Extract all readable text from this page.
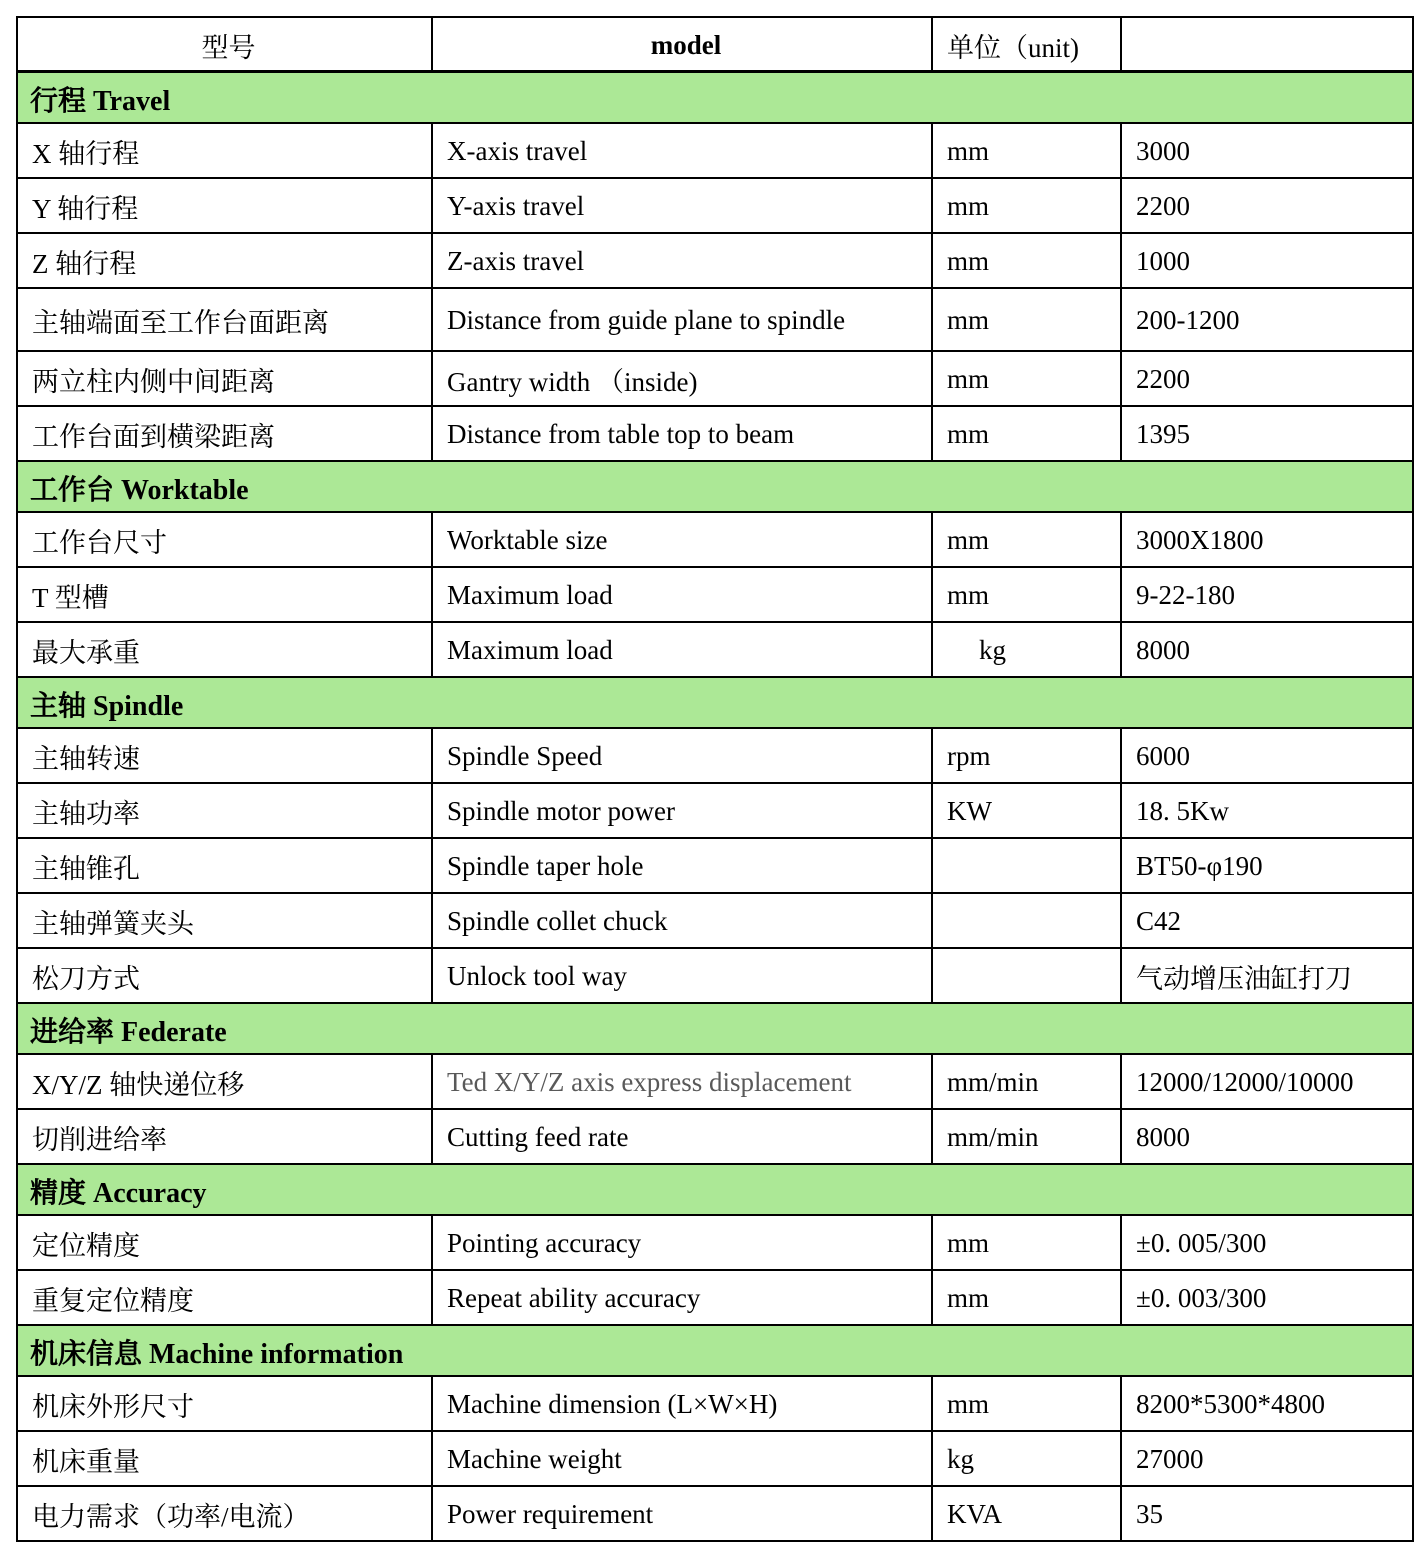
型号	model	单位（unit)	
行程 Travel			
X 轴行程	X-axis travel	mm	3000
Y 轴行程	Y-axis travel	mm	2200
Z 轴行程	Z-axis travel	mm	1000
主轴端面至工作台面距离	Distance from guide plane to spindle	mm	200-1200
两立柱内侧中间距离	Gantry width （inside)	mm	2200
工作台面到横梁距离	Distance from table top to beam	mm	1395
工作台 Worktable			
工作台尺寸	Worktable size	mm	3000X1800
T 型槽	Maximum load	mm	9-22-180
最大承重	Maximum load	kg	8000
主轴 Spindle			
主轴转速	Spindle Speed	rpm	6000
主轴功率	Spindle motor power	KW	18. 5Kw
主轴锥孔	Spindle taper hole		BT50-φ190
主轴弹簧夹头	Spindle collet chuck		C42
松刀方式	Unlock tool way		气动增压油缸打刀
进给率 Federate			
X/Y/Z 轴快递位移	Ted X/Y/Z axis express displacement	mm/min	12000/12000/10000
切削进给率	Cutting feed rate	mm/min	8000
精度 Accuracy			
定位精度	Pointing accuracy	mm	±0. 005/300
重复定位精度	Repeat ability accuracy	mm	±0. 003/300
机床信息 Machine information			
机床外形尺寸	Machine dimension (L×W×H)	mm	8200*5300*4800
机床重量	Machine weight	kg	27000
电力需求（功率/电流）	Power requirement	KVA	35
